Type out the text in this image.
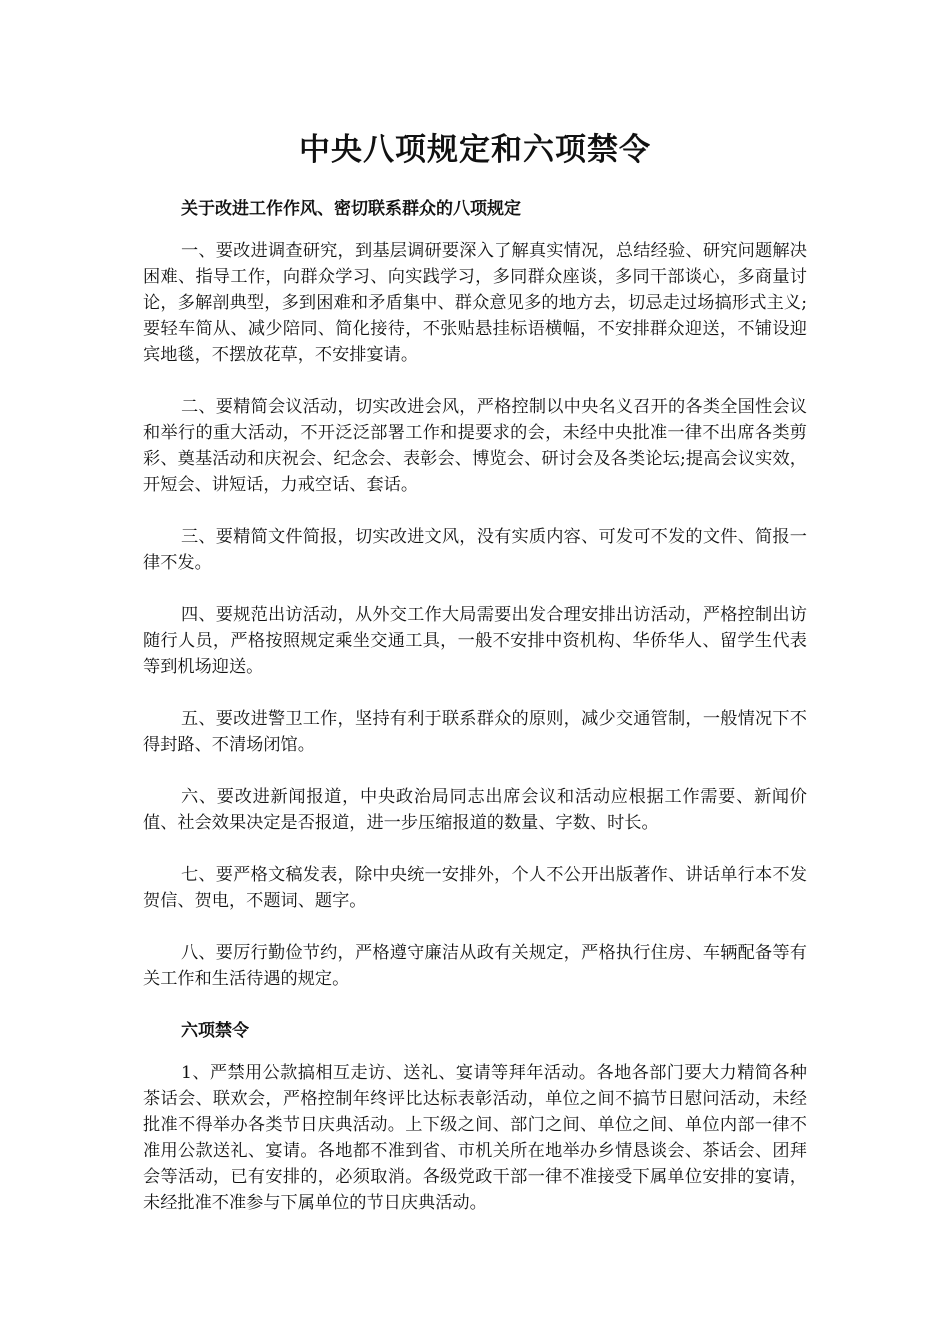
中央八项规定和六项禁令
关于改进工作作风、密切联系群众的八项规定

一、要改进调查研究，到基层调研要深入了解真实情况，总结经验、研究问题解决困难、指导工作，向群众学习、向实践学习，多同群众座谈，多同干部谈心，多商量讨论，多解剖典型，多到困难和矛盾集中、群众意见多的地方去，切忌走过场搞形式主义;要轻车简从、减少陪同、简化接待，不张贴悬挂标语横幅，不安排群众迎送，不铺设迎宾地毯，不摆放花草，不安排宴请。

二、要精简会议活动，切实改进会风，严格控制以中央名义召开的各类全国性会议和举行的重大活动，不开泛泛部署工作和提要求的会，未经中央批准一律不出席各类剪彩、奠基活动和庆祝会、纪念会、表彰会、博览会、研讨会及各类论坛;提高会议实效，开短会、讲短话，力戒空话、套话。

三、要精简文件简报，切实改进文风，没有实质内容、可发可不发的文件、简报一律不发。

四、要规范出访活动，从外交工作大局需要出发合理安排出访活动，严格控制出访随行人员，严格按照规定乘坐交通工具，一般不安排中资机构、华侨华人、留学生代表等到机场迎送。

五、要改进警卫工作，坚持有利于联系群众的原则，减少交通管制，一般情况下不得封路、不清场闭馆。

六、要改进新闻报道，中央政治局同志出席会议和活动应根据工作需要、新闻价值、社会效果决定是否报道，进一步压缩报道的数量、字数、时长。

七、要严格文稿发表，除中央统一安排外，个人不公开出版著作、讲话单行本不发贺信、贺电，不题词、题字。

八、要厉行勤俭节约，严格遵守廉洁从政有关规定，严格执行住房、车辆配备等有关工作和生活待遇的规定。

六项禁令

1、严禁用公款搞相互走访、送礼、宴请等拜年活动。各地各部门要大力精简各种茶话会、联欢会，严格控制年终评比达标表彰活动，单位之间不搞节日慰问活动，未经批准不得举办各类节日庆典活动。上下级之间、部门之间、单位之间、单位内部一律不准用公款送礼、宴请。各地都不准到省、市机关所在地举办乡情恳谈会、茶话会、团拜会等活动，已有安排的，必须取消。各级党政干部一律不准接受下属单位安排的宴请，未经批准不准参与下属单位的节日庆典活动。
